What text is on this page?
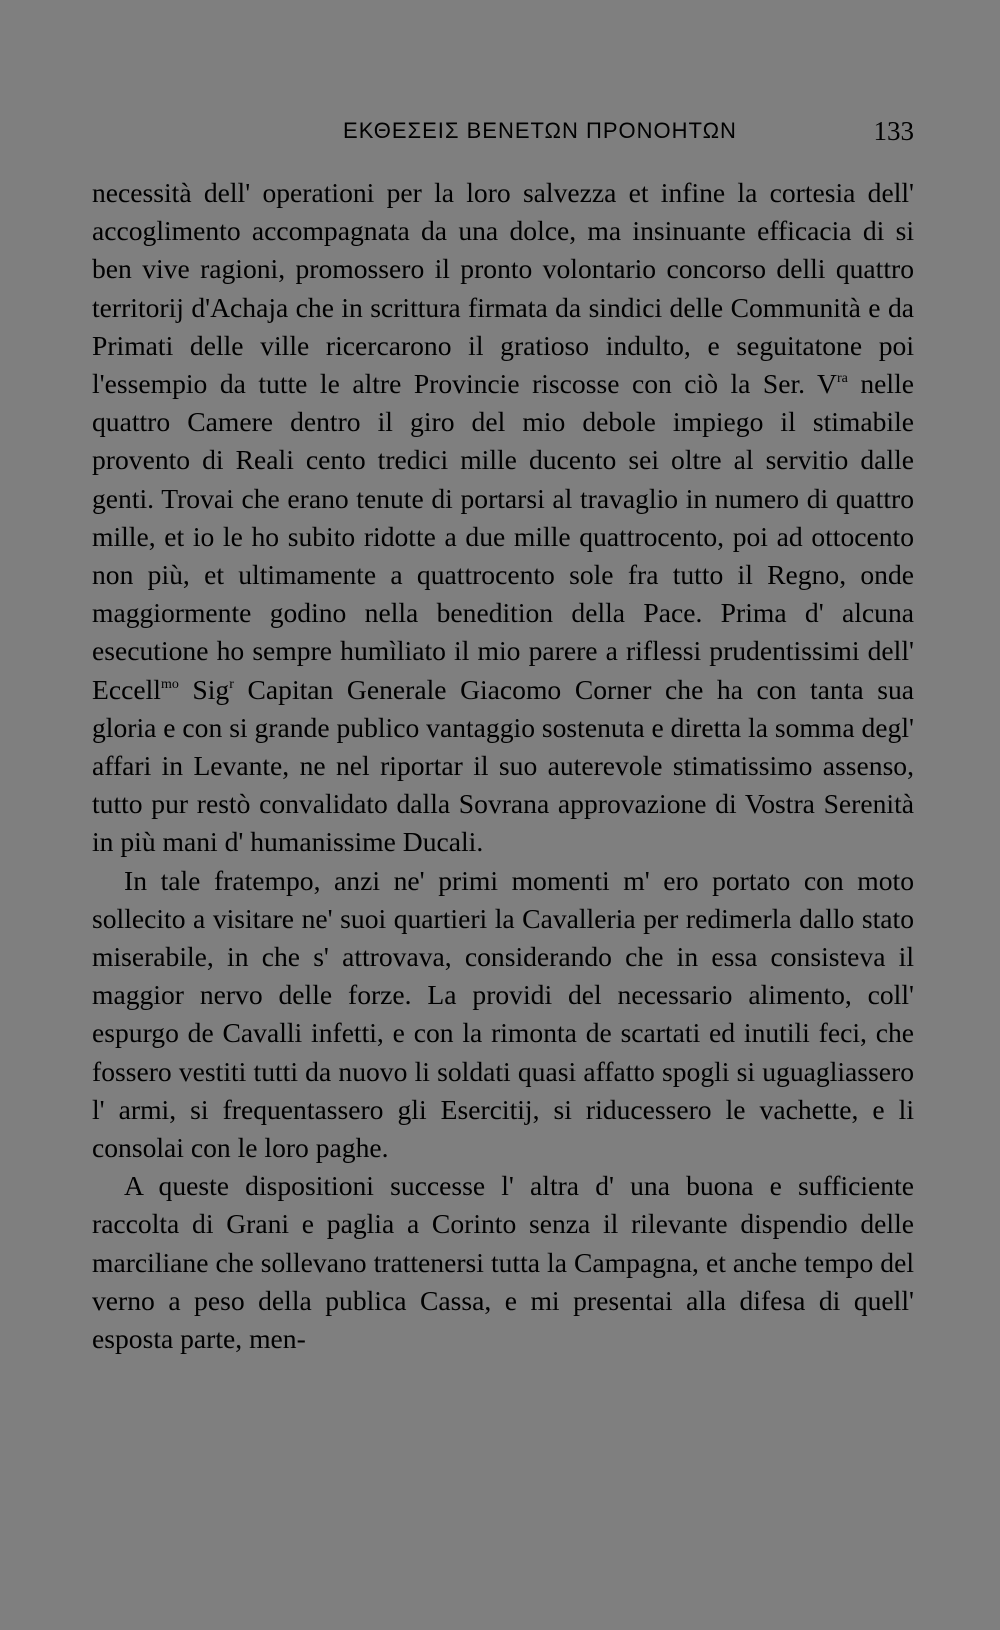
ΕΚΘΕΣΕΙΣ ΒΕΝΕΤΩΝ ΠΡΟΝΟΗΤΩΝ	133

necessità dell' operationi per la loro salvezza et infine la cortesia dell' accoglimento accompagnata da una dolce, ma insinuante efficacia di si ben vive ragioni, promossero il pronto volontario concorso delli quattro territorij d'Achaja che in scrittura firmata da sindici delle Communità e da Primati delle ville ricercarono il gratioso indulto, e seguitatone poi l'essempio da tutte le altre Provincie riscosse con ciò la Ser. $V^{ra}$ nelle quattro Camere dentro il giro del mio debole impiego il stimabile provento di Reali cento tredici mille ducento sei oltre al servitio dalle genti. Trovai che erano tenute di portarsi al travaglio in numero di quattro mille, et io le ho subito ridotte a due mille quattrocento, poi ad ottocento non più, et ultimamente a quattrocento sole fra tutto il Regno, onde maggiormente godino nella benedition della Pace. Prima d' alcuna esecutione ho sempre humìliato il mio parere a riflessi prudentissimi dell' Eccell$^{mo}$ Sig$^r$ Capitan Generale Giacomo Corner che ha con tanta sua gloria e con si grande publico vantaggio sostenuta e diretta la somma degl' affari in Levante, ne nel riportar il suo auterevole stimatissimo assenso, tutto pur restò convalidato dalla Sovrana approvazione di Vostra Serenità in più mani d' humanissime Ducali.

In tale fratempo, anzi ne' primi momenti m' ero portato con moto sollecito a visitare ne' suoi quartieri la Cavalleria per redimerla dallo stato miserabile, in che s' attrovava, considerando che in essa consisteva il maggior nervo delle forze. La providi del necessario alimento, coll' espurgo de Cavalli infetti, e con la rimonta de scartati ed inutili feci, che fossero vestiti tutti da nuovo li soldati quasi affatto spogli si uguagliassero l' armi, si frequentassero gli Esercitij, si riducessero le vachette, e li consolai con le loro paghe.

A queste dispositioni successe l' altra d' una buona e sufficiente raccolta di Grani e paglia a Corinto senza il rilevante dispendio delle marciliane che sollevano trattenersi tutta la Campagna, et anche tempo del verno a peso della publica Cassa, e mi presentai alla difesa di quell' esposta parte, men-
